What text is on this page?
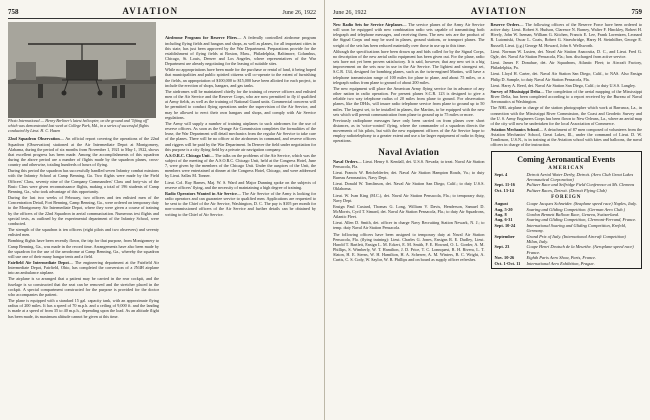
758	AVIATION	June 26, 1922
Photo International — Henry Berliner's latest helicopter, on the ground and "lifting off" which was demonstrated last week at College Park, Md., in a series of successful flights conducted by Lieut. H. C. Hazen

22nd Squadron Observation— An official report covering the operations of the 22nd Squadron (Observation) stationed at the Air Intermediate Depot at Montgomery, Alabama, during the period of six months from November 1, 1921 to May 1, 1922, shows that excellent progress has been made. Among the accomplishments of this squadron during the above period are a number of flights made by the squadron planes, cross-country and otherwise, totaling hundreds of hours of flying.

During this period the squadron has successfully handled seven Infantry combat missions with the Infantry School at Camp Benning, Ga. Two flights were made by the Field Officers' Class, seventy nine of the Company Commanders' Class and forty-six of the Basic Class were given reconnaissance flights, making a total of 196 students of Camp Benning, Ga., who took advantage of this opportunity.

During the last two weeks of February, two officers and ten enlisted men of the Concentration Detail, Fort Benning, Camp Benning, Ga., were ordered on temporary duty to the Montgomery Air Intermediate Depot, where they were given a course of training by the officers of the 22nd Squadron in aerial communication. Numerous test flights and special tests, as outlined by the experimental department of the Infantry School, were conducted.

The strength of the squadron is ten officers (eight pilots and two observers) and seventy enlisted men.

Bombing flights have been recently flown, the trip for that purpose, from Montgomery to Camp Benning, Ga., was made in the record time. Arrangements have also been made by the squadron for the use of the aerodrome at Camp Benning, Ga., whereby the squadron will use one of their many hangar tents and a field.

Fairfield Air Intermediate Depot— The engineering department at the Fairfield Air Intermediate Depot, Fairfield, Ohio, has completed the conversion of a JN4H airplane into an ambulance airplane.

The airplane is so arranged that a patient may be carried in the rear cockpit, and the fuselage is so constructed that the seat can be removed and the stretcher placed in the cockpit. A special compartment constructed for the purpose is provided for the doctor who accompanies the patient.

The plane is equipped with a standard 15 gal. capacity tank, with an approximate flying radius of 200 miles. It has a speed of 70 m.p.h. and a ceiling of 9,000 ft. and the landing is made at a speed of from 35 to 40 m.p.h., depending upon the load. As an altitude flight has been made, its maximum altitude cannot be given at this time.

Airdrome Program for Reserve Fliers— A federally controlled airdrome program including flying fields and hangars and shops, as well as planes, for all important cities in this state, has just been approved by the War Department. Preparations provide for the establishment of flying fields at Boston, Mass., Philadelphia, Baltimore, Columbus, Chicago, St. Louis, Denver and Los Angeles, where representatives of the War Department are already negotiating for the leasing of suitable sites.

While no appropriations have been made for the purchase or rental of land, it being hoped that municipalities and public spirited citizens will co-operate to the extent of furnishing the fields, an appropriation of $100,000 to $15,000 have been allotted for each project, to include the erection of shops, hangars, and gas tanks.

The airdromes will be maintained chiefly for the training of reserve officers and enlisted men of the Air Service and the Reserve Corps, who are now permitted to fly if qualified at Army fields, as well as the training of National Guard units. Commercial concerns will be permitted to conduct flying operations under the supervision of the Air Service, and may be allowed to erect their own hangars and shops, and comply with Air Service regulations.

The Army will supply a number of training airplanes to such airdromes for the use of reserve officers. As soon as the Orange Air Commission completes the formalities of the lease, the War Department will detail mechanics from the regular Air Service to take care of the planes. There will be no officer at the airdromes in command, and reserve officers and riggers will be paid by the War Department. In Denver the field under negotiation for this purpose is a city flying field by a private air navigation company.

A.S.O.R.C. Chicago Unit— The talks on the problems of the Air Service, which was the subject of the meeting of the A.S.O.R.C. Chicago Unit, held at the Congress Hotel, June 7, were given by the members of the Chicago Unit. Under the auspices of the Unit, the members were entertained at dinner at the Congress Hotel, Chicago, and were addressed by Lieut. Sallas M. Tonner.

Lieut. Col. Ray Barnes, Maj. W. S. Ward and Major Dunning spoke on the subjects of reserve officers' flying, and the necessity of maintaining a high degree of training.

Radio Operators Wanted in Air Service— The Air Service of the Army is looking for radio operators and can guarantee service to qualified men. Applications are requested to be sent to the Chief of the Air Service, Washington, D. C. The pay is $105 per month for non-commissioned officers of the Air Service and further details can be obtained by writing to the Chief of Air Service.

June 26, 1922	AVIATION	759

New Radio Sets for Service Airplanes— The service planes of the Army Air Service will soon be equipped with new combination radio sets capable of transmitting both telegraph and telephone messages, and receiving them. The new sets are the product of the Signal Corps and may be used in planes, ground stations, or transport planes. The weight of the sets has been reduced materially over those in use up to this time.

Although the specifications have been drawn up and bids called for by the Signal Corps, no description of the new aerial radio equipment has been given out. For the plane, radio sets have not yet been proven satisfactory. It is said, however, that any new set is a big improvement on the sets now in use in the Air Service. The lightest and strongest set, S.C.R. 134, designed for bombing planes, such as the twin-engined Martins, will have a telephone transmission range of 100 miles for plane to plane, and about 75 miles, or a telegraph radius from plane to ground of about 200 miles.

The new equipment will place the American Army flying service far in advance of any other nation in radio operation. For present planes S.C.R. 123 is designed to give a reliable two way telephone radius of 20 miles from plane to ground. For observation planes, like the DH4s, will insure radio telephone service from plane to ground up to 50 miles. The largest set, to be installed in planes, the Martins, to be equipped with the new sets which will permit communication from plane to ground up to 75 miles or more.

Previously radiophone messages have only been carried on from planes over short distances, as in 'voice-control' flying, where the commander of a squadron directs the movements of his pilots, but with the new equipment officers of the Air Service hope to employ radiotelephony to a greater extent and use a far larger equipment of radio in flying operations.

Naval Aviation

Naval Orders— Lieut. Henry S. Kendall, det. U.S.S. Nevada; to treat. Naval Air Station Pensacola, Fla.

Lieut. Francis W. Reichelderfer, det. Naval Air Station Hampton Roads, Va.; to duty Bureau Aeronautics, Navy Dept.

Lieut. Donald W. Tomlinson, det. Naval Air Station San Diego, Calif.; to duty U.S.S. Oklahoma.

Lieut. W. Ivan King (M.C.), det. Naval Air Station Pensacola, Fla.; to temporary duty, Navy Dept.

Ensign Paul Custard, Thomas G. Long, William V. Davis, Henderson, Samuel D. McMorris, Cyril T. Simard, det. Naval Air Station Pensacola, Fla.; to duty Air Squadrons, Atlantic Fleet.

Lieut. Allen D. Smith, det. officer in charge Navy Recruiting Station Newark, N. J.; to temp. duty Naval Air Station Pensacola.

The following officers have been assigned to temporary duty at Naval Air Station Pensacola, Fla. (flying training): Lieut. Charles G. Jones, Ensigns R. E. Dudley, Lieut. Harold T. Bartlett, Ensign L. M. Eckert, E. M. Smith, F. E. Howard, O. L. Gorder, A. M. Phillips, S. Wimberly, W. T. Hamilton, J. D. Price, T. C. Lonnquest, R. H. Rivera, L. T. Slaton, H. E. Sterns, W. H. Hamilton, H. A. Scherrer, A. M. Winters, B. C. Wright, A. Curtis, C. S. Cody, W. Saylor, W. B. Phillips and on board as supply officer refreshes.

Reserve Orders— The following officers of the Reserve Force have been ordered to active duty: Lieut. Robert S. Hudson, Clarence N. Barney, Walter F. Hinckley, Robert H. Hively, John W. Iseman, William G. Kitchen, Francis E. Lee, Frank Lorentzen, Leonard R. Lutomiski, Oscar L. Coats, Robert G. Strawbridge, Harry H. Steinhilber, George E. Russell; Lieut. (j.g.) George M. Howard, John S. Wellsworth.

Lieut. Norman W. Lusten, det. Naval Air Station Anacostia, D. C., and Lieut. Fred G. Ogle, det. Naval Air Station Pensacola, Fla.; hon. discharged from active service.

Lieut. James F. Donahue, det. Air Squadrons, Atlantic Fleet; to Aircraft Factory, Philadelphia, Pa.

Lieut. Lloyd H. Carter, det. Naval Air Station San Diego, Calif., to NAS. Also Ensign Philip D. Sample, to duty Naval Air Station Pensacola, Fla.

Lieut. Harry A. Reed, det. Naval Air Station San Diego, Calif.; to duty U.S.S. Langley.

Survey of Mississippi Delta— The completion of the aerial mapping of the Mississippi River Delta, has been completed according to a report received by the Bureau of Naval Aeronautics at Washington.

The NHL airplane in charge of the station photographer which work at Barranca, La., in connection with the Mississippi River Commission, the Coast and Geodetic Survey and the U. S. Army Engineers Corps has been flown to New Orleans, La., where an aerial map of the city will now be undertaken for the local Association of Commerce.

Aviation Mechanics School— A detachment of 87 men composed of volunteers from the Aviation Mechanics' School, Great Lakes, Ill., under the command of Lieut. D. W. Tomlinson, U.S.N., is in training at the Aviation school with kites and balloons, the naval officers in charge of the instruction.

Coming Aeronautical Events
AMERICAN
Sept. 4	Detroit Aerial Water Derby, Detroit. (Aero Club Great Lakes Aeronautical Corporation)
Sept. 11-16	Pulitzer Race and Selfridge Field Conference at Mt. Clemens
Oct. 13-14	Pulitzer Races, Detroit. (Detroit Flying Club)
FOREIGN
August	Coupe Jacques Schneider. (Seaplane speed race) Naples, Italy.
Aug. 5-20	Soaring and Gliding Competition. (German Aero Club.)
Aug. 8	Gordon Bennett Balloon Race, Geneva, Switzerland.
Aug. 6-31	Soaring and Gliding Competition, Clermont-Ferrand, France.
Sept. 10-24	International Soaring and Gliding Competition, Krefeld, Germany.
September	Grand Prix of Italy. (International Aircraft Competition) Milan, Italy.
Sept. 23	Coupe Henri Deutsch de la Meurthe. (Aeroplane speed race) France.
Nov. 10-26	Eighth Paris Aero Show, Paris, France.
Oct. 1-Oct. 11	International Aero Exhibition, Prague.
